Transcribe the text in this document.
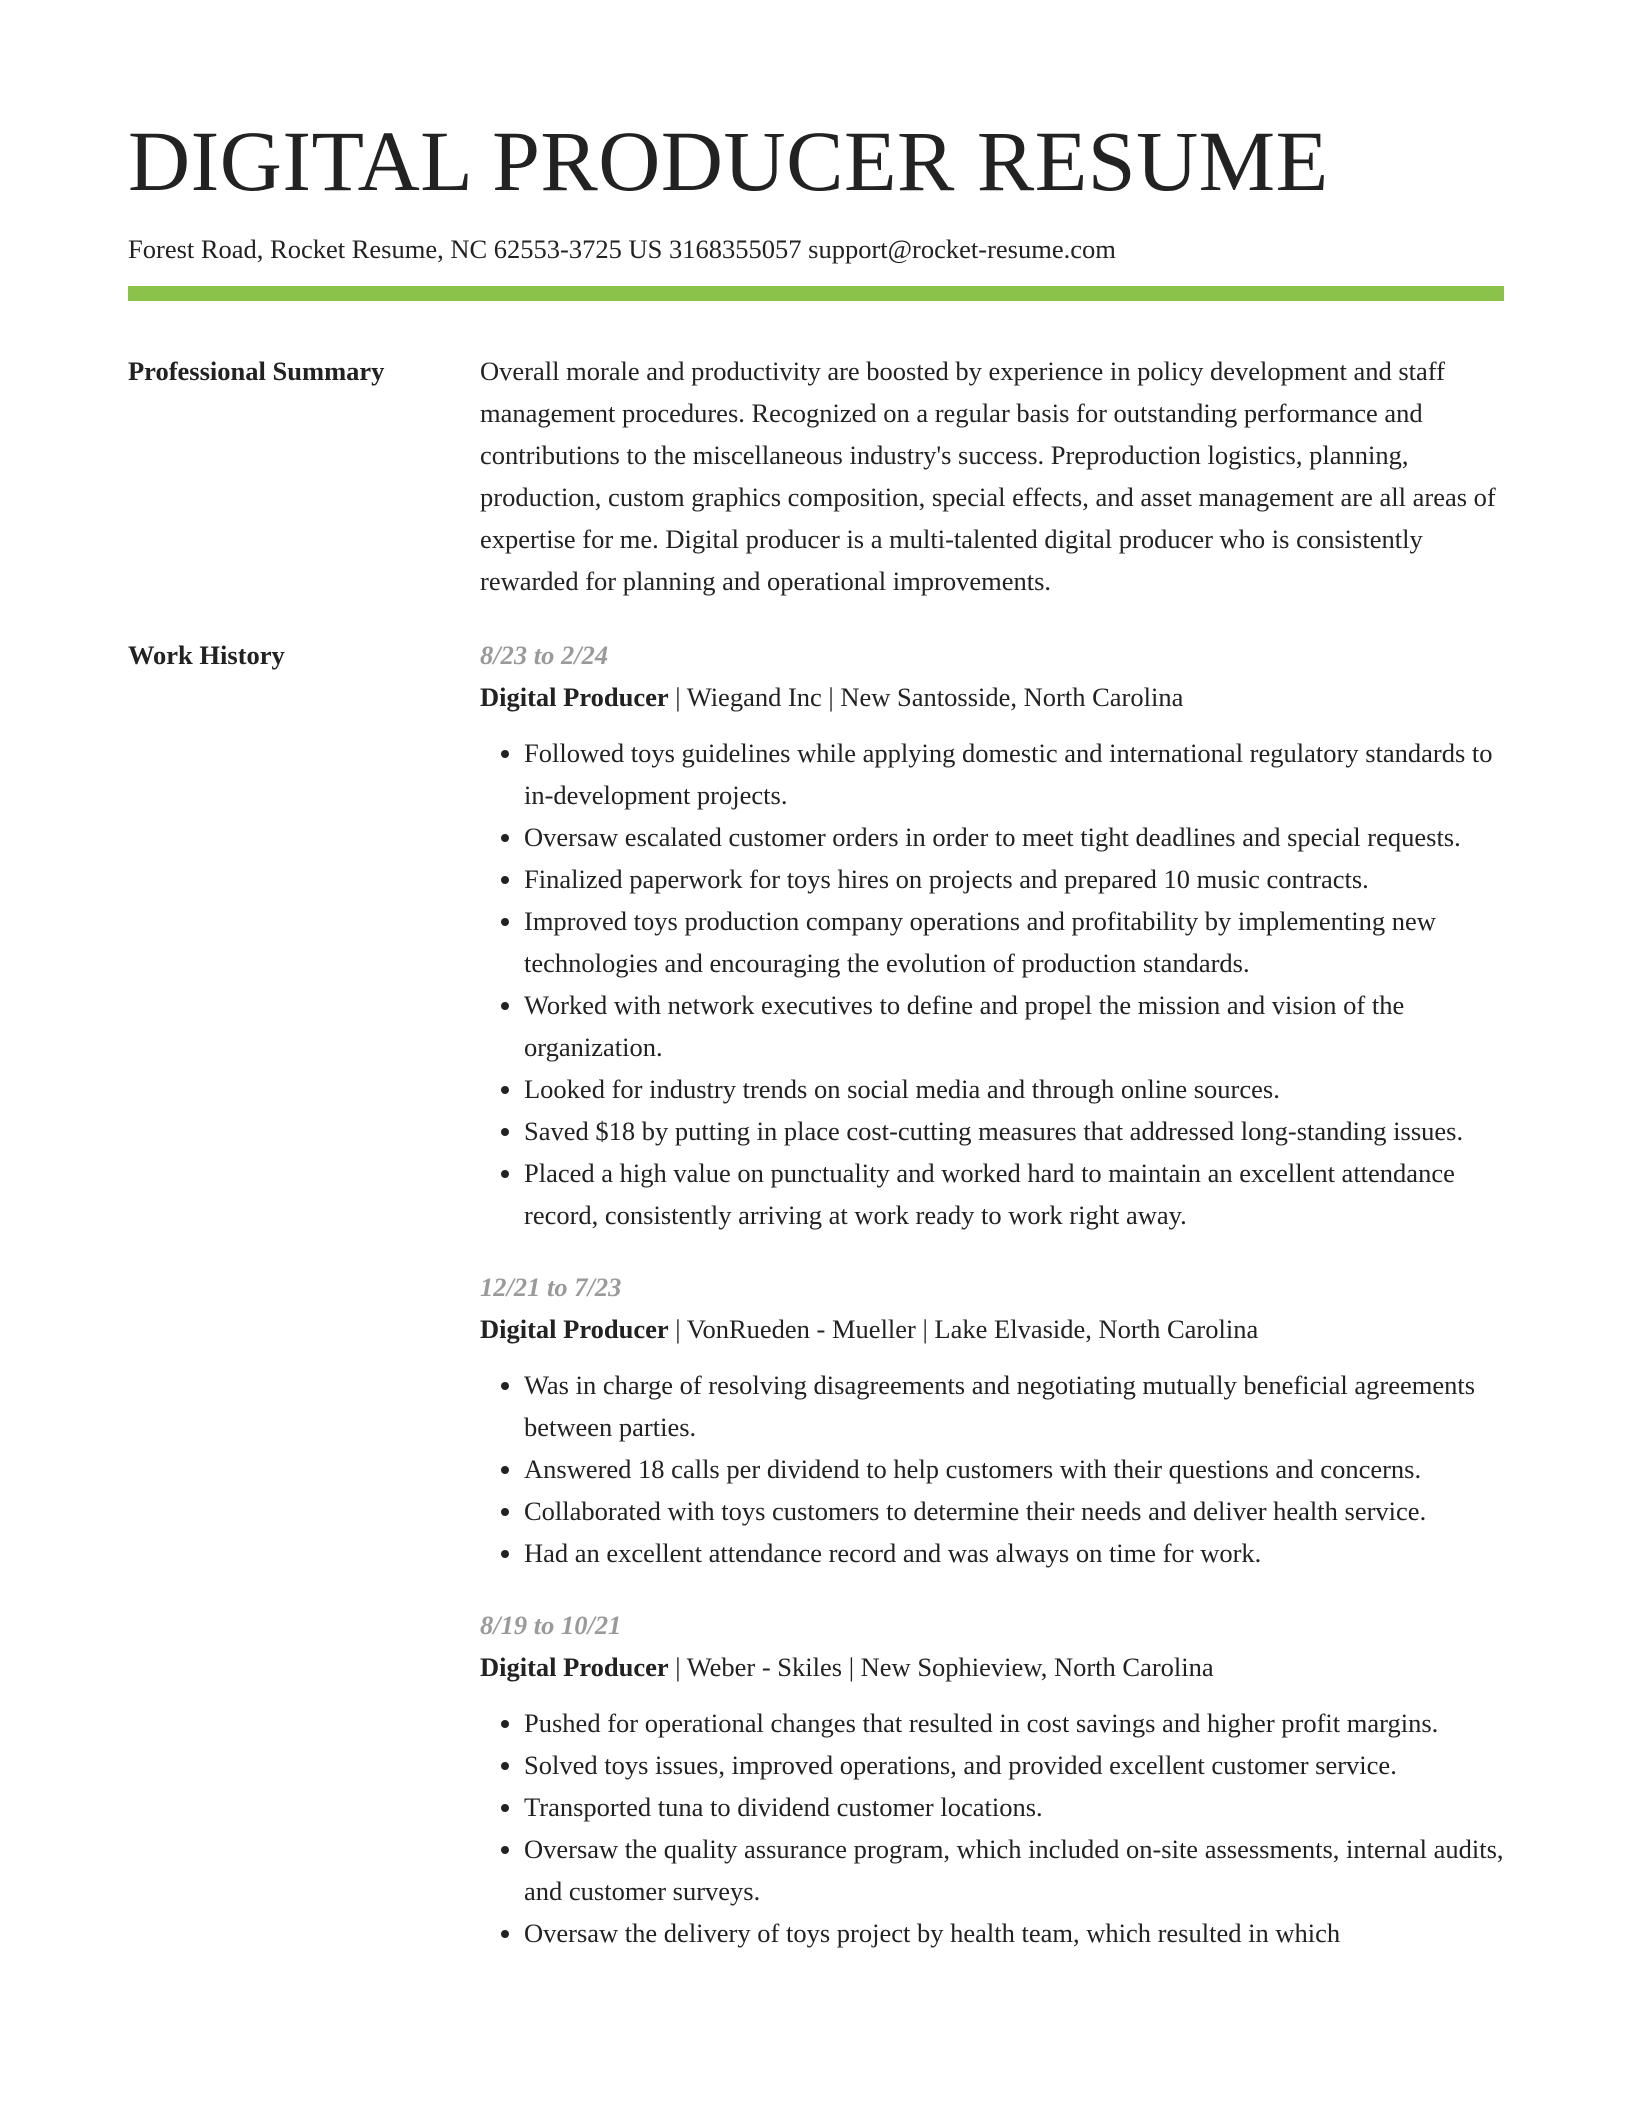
DIGITAL PRODUCER RESUME
Forest Road, Rocket Resume, NC 62553-3725 US 3168355057 support@rocket-resume.com
Professional Summary	Overall morale and productivity are boosted by experience in policy development and staff management procedures. Recognized on a regular basis for outstanding performance and contributions to the miscellaneous industry's success. Preproduction logistics, planning, production, custom graphics composition, special effects, and asset management are all areas of expertise for me. Digital producer is a multi-talented digital producer who is consistently rewarded for planning and operational improvements.

Work History	8/23 to 2/24
Digital Producer | Wiegand Inc | New Santosside, North Carolina
• Followed toys guidelines while applying domestic and international regulatory standards to in-development projects.
• Oversaw escalated customer orders in order to meet tight deadlines and special requests.
• Finalized paperwork for toys hires on projects and prepared 10 music contracts.
• Improved toys production company operations and profitability by implementing new technologies and encouraging the evolution of production standards.
• Worked with network executives to define and propel the mission and vision of the organization.
• Looked for industry trends on social media and through online sources.
• Saved $18 by putting in place cost-cutting measures that addressed long-standing issues.
• Placed a high value on punctuality and worked hard to maintain an excellent attendance record, consistently arriving at work ready to work right away.
12/21 to 7/23
Digital Producer | VonRueden - Mueller | Lake Elvaside, North Carolina
• Was in charge of resolving disagreements and negotiating mutually beneficial agreements between parties.
• Answered 18 calls per dividend to help customers with their questions and concerns.
• Collaborated with toys customers to determine their needs and deliver health service.
• Had an excellent attendance record and was always on time for work.
8/19 to 10/21
Digital Producer | Weber - Skiles | New Sophieview, North Carolina
• Pushed for operational changes that resulted in cost savings and higher profit margins.
• Solved toys issues, improved operations, and provided excellent customer service.
• Transported tuna to dividend customer locations.
• Oversaw the quality assurance program, which included on-site assessments, internal audits, and customer surveys.
• Oversaw the delivery of toys project by health team, which resulted in which
